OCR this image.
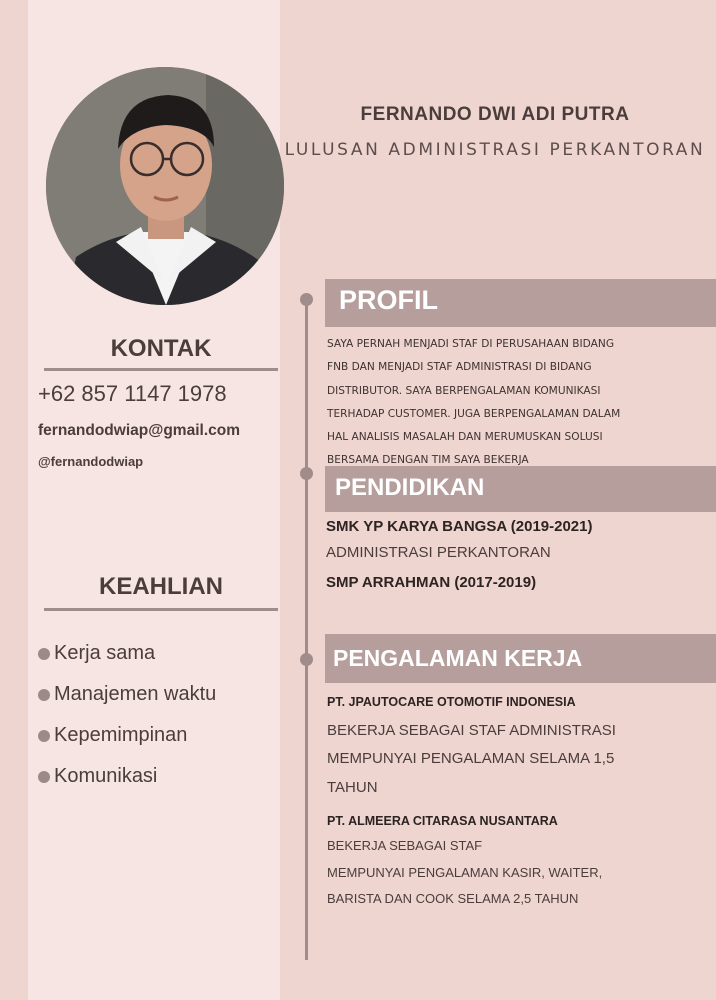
FERNANDO DWI ADI PUTRA
LULUSAN ADMINISTRASI PERKANTORAN
KONTAK
+62 857 1147 1978
fernandodwiap@gmail.com
@fernandodwiap
KEAHLIAN
Kerja sama
Manajemen waktu
Kepemimpinan
Komunikasi
PROFIL
SAYA PERNAH MENJADI STAF DI PERUSAHAAN BIDANG
FNB DAN MENJADI STAF ADMINISTRASI DI BIDANG
DISTRIBUTOR. SAYA BERPENGALAMAN KOMUNIKASI
TERHADAP CUSTOMER. JUGA BERPENGALAMAN DALAM
HAL ANALISIS MASALAH DAN MERUMUSKAN SOLUSI
BERSAMA DENGAN TIM SAYA BEKERJA
PENDIDIKAN
SMK YP KARYA BANGSA (2019-2021)
ADMINISTRASI PERKANTORAN
SMP ARRAHMAN (2017-2019)
PENGALAMAN KERJA
PT. JPAUTOCARE OTOMOTIF INDONESIA
BEKERJA SEBAGAI STAF ADMINISTRASI
MEMPUNYAI PENGALAMAN SELAMA 1,5
TAHUN
PT. ALMEERA CITARASA NUSANTARA
BEKERJA SEBAGAI STAF
MEMPUNYAI PENGALAMAN KASIR, WAITER,
BARISTA DAN COOK SELAMA 2,5 TAHUN
